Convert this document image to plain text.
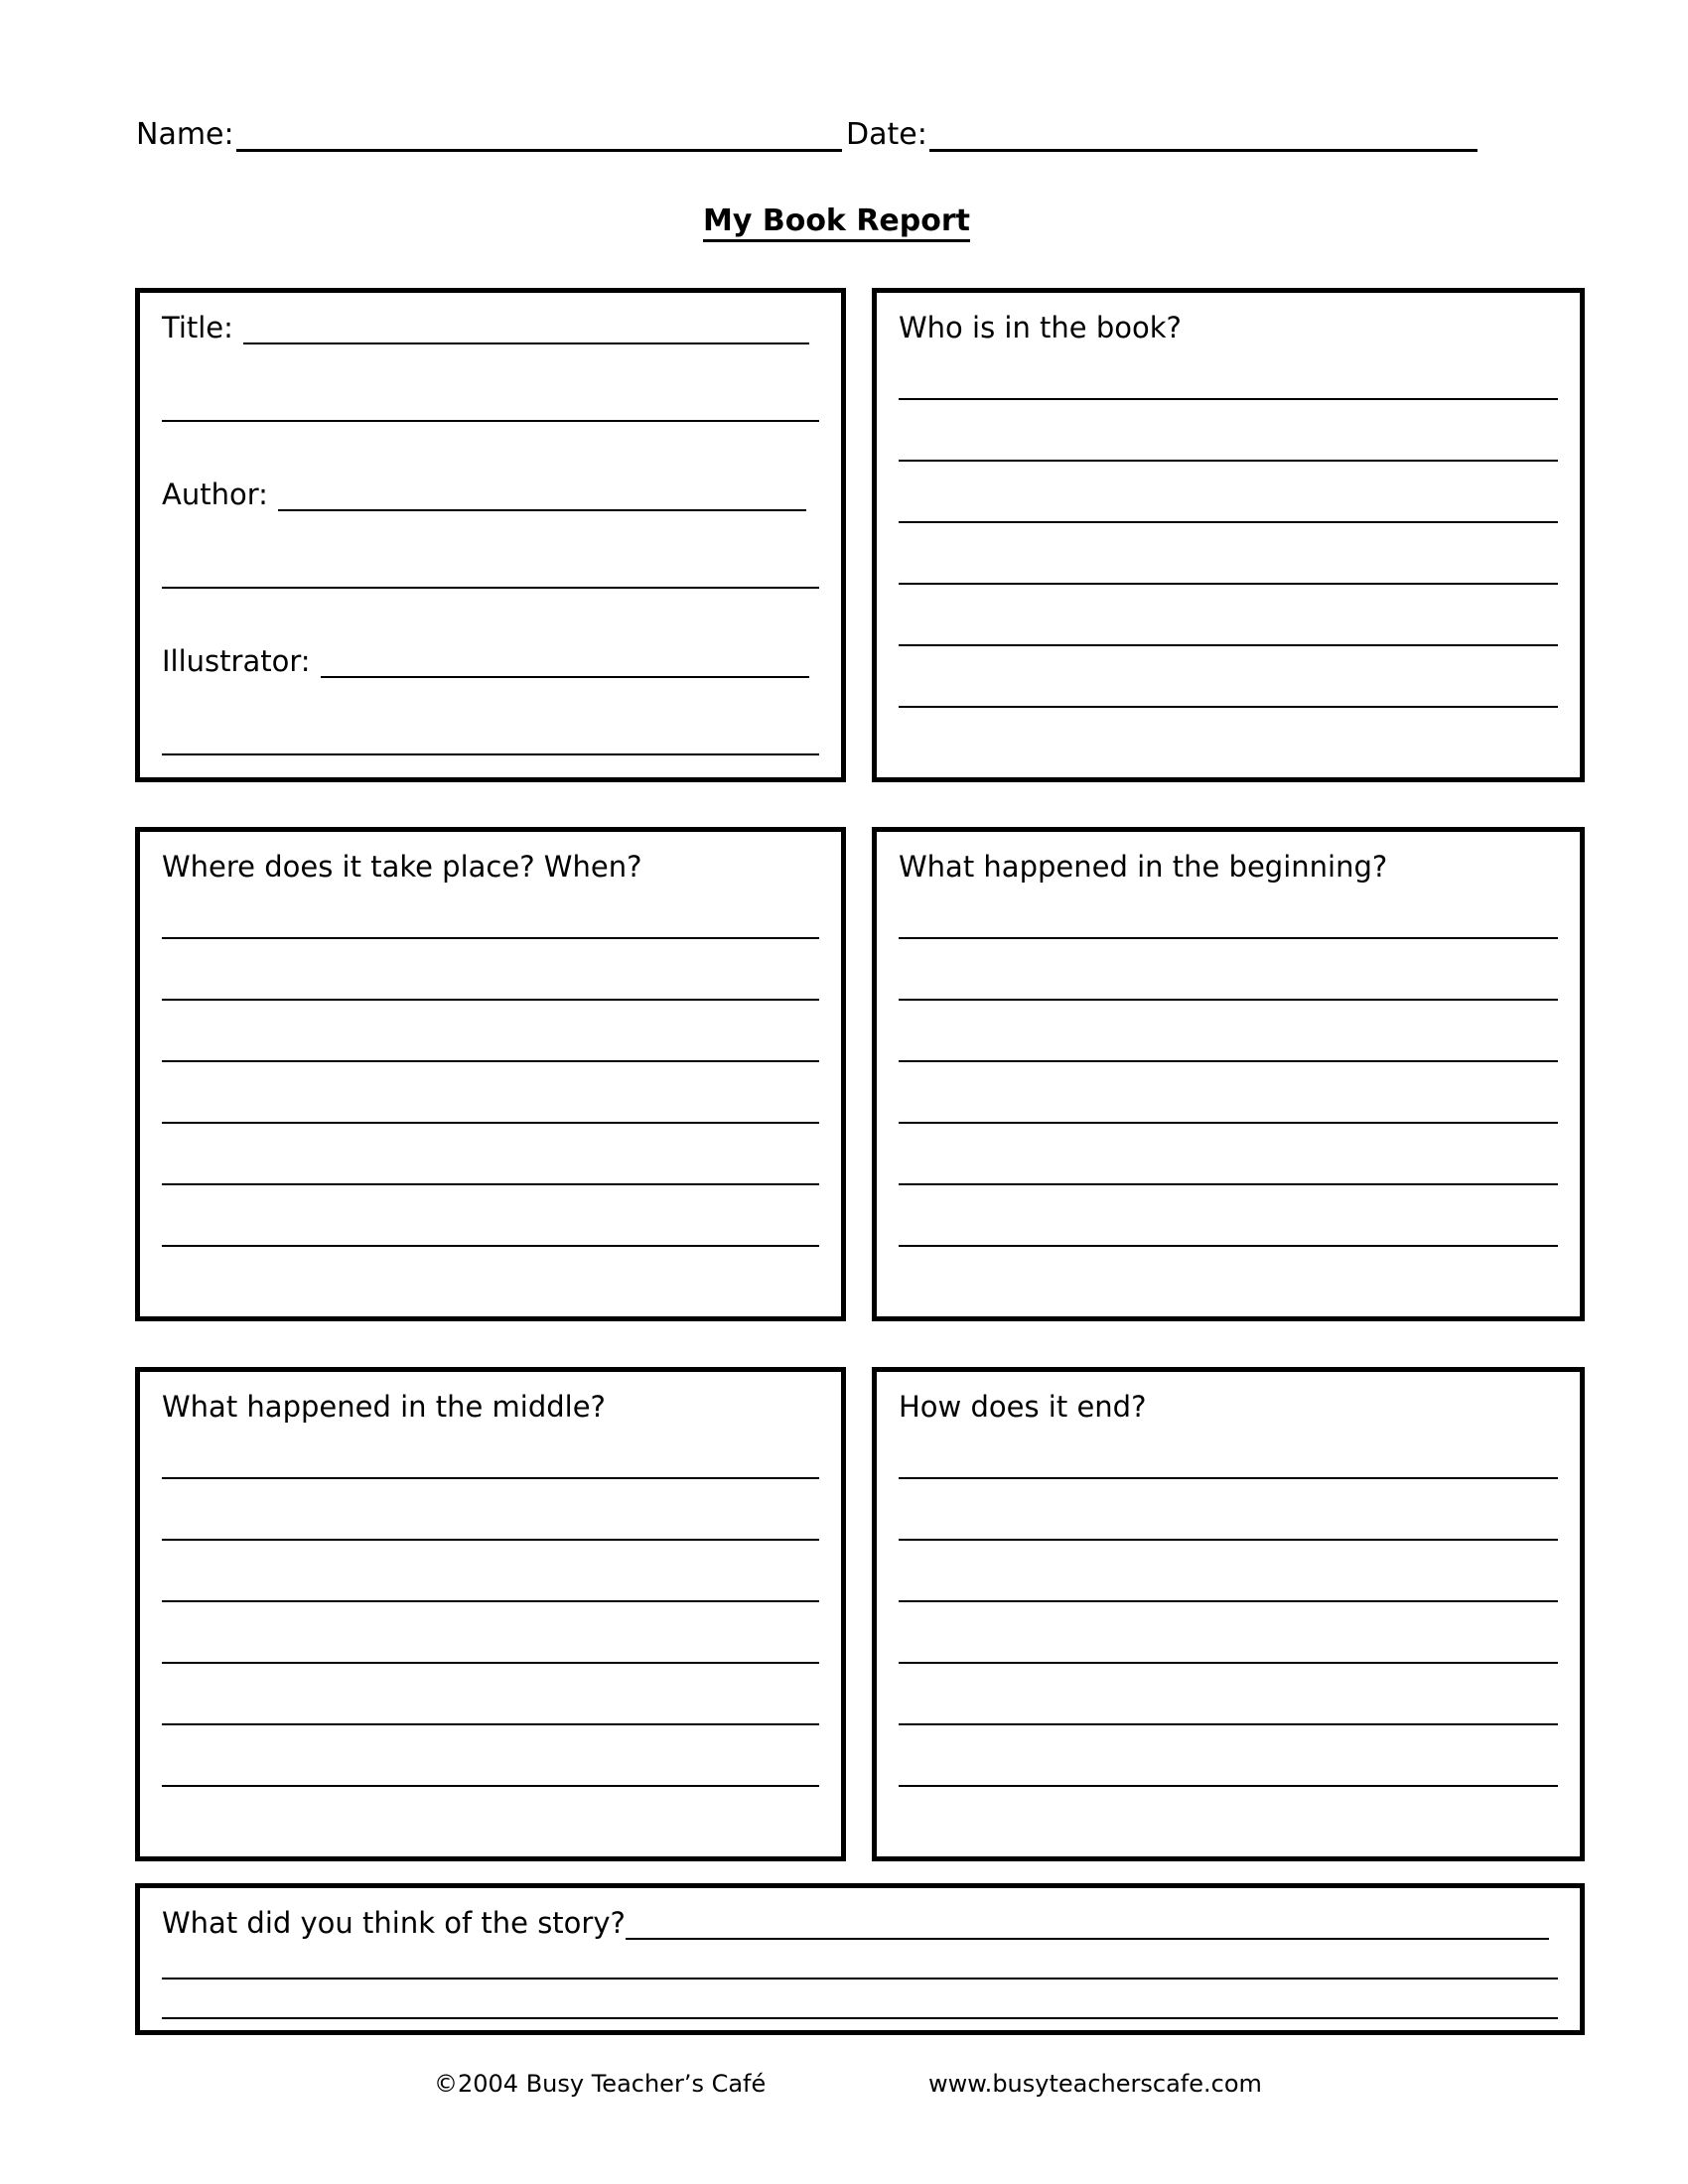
Name:	Date:
My Book Report
Title:
Author:
Illustrator:
Who is in the book?
Where does it take place? When?	What happened in the beginning?
What happened in the middle?	How does it end?
What did you think of the story?
©2004 Busy Teacher’s Café	www.busyteacherscafe.com
